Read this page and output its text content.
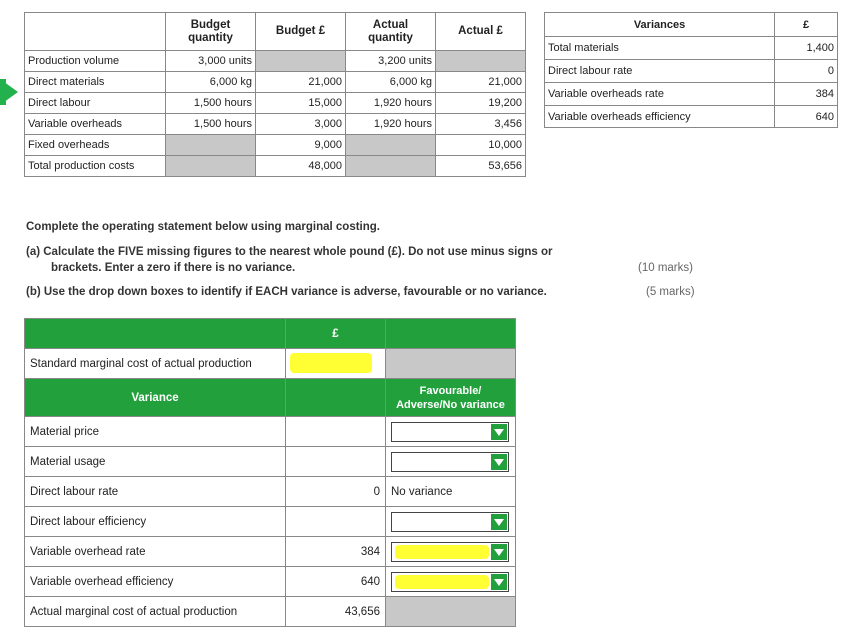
	Budget quantity	Budget £	Actual quantity	Actual £
Production volume	3,000 units		3,200 units	
Direct materials	6,000 kg	21,000	6,000 kg	21,000
Direct labour	1,500 hours	15,000	1,920 hours	19,200
Variable overheads	1,500 hours	3,000	1,920 hours	3,456
Fixed overheads		9,000		10,000
Total production costs		48,000		53,656
Variances	£
Total materials	1,400
Direct labour rate	0
Variable overheads rate	384
Variable overheads efficiency	640
Complete the operating statement below using marginal costing.
(a) Calculate the FIVE missing figures to the nearest whole pound (£). Do not use minus signs or
brackets. Enter a zero if there is no variance.	(10 marks)
(b) Use the drop down boxes to identify if EACH variance is adverse, favourable or no variance.	(5 marks)
	£	
Standard marginal cost of actual production	

Variance		Favourable/
Adverse/No variance
Material price		

Material usage		

Direct labour rate	0	No variance
Direct labour efficiency		

Variable overhead rate	384	

Variable overhead efficiency	640	

Actual marginal cost of actual production	43,656	
